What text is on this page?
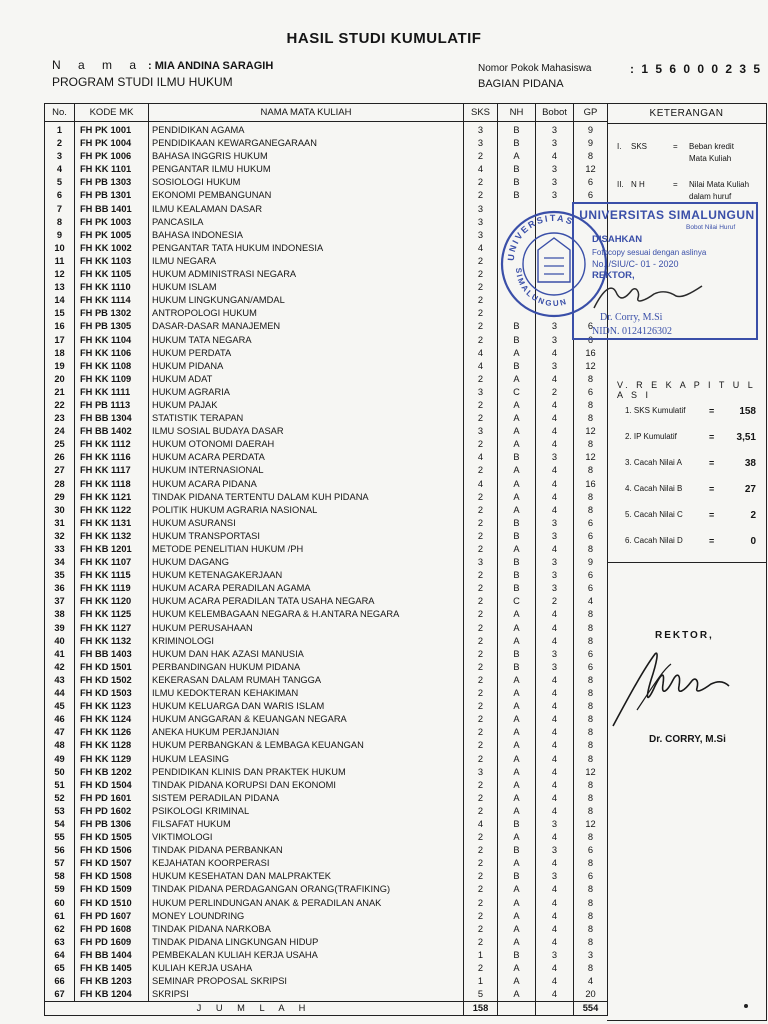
HASIL STUDI KUMULATIF
N a m a : MIA ANDINA SARAGIH
PROGRAM STUDI ILMU HUKUM
Nomor Pokok Mahasiswa	: 1 5 6 0 0 0 2 3 5
BAGIAN PIDANA
No.	KODE MK	NAMA MATA KULIAH	SKS	NH	Bobot	GP
1	FH PK 1001	PENDIDIKAN AGAMA	3	B	3	9
2	FH PK 1004	PENDIDIKAAN KEWARGANEGARAAN	3	B	3	9
3	FH PK 1006	BAHASA INGGRIS HUKUM	2	A	4	8
4	FH KK 1101	PENGANTAR ILMU HUKUM	4	B	3	12
5	FH PB 1303	SOSIOLOGI HUKUM	2	B	3	6
6	FH PB 1301	EKONOMI PEMBANGUNAN	2	B	3	6
7	FH BB 1401	ILMU KEALAMAN DASAR	3			
8	FH PK 1003	PANCASILA	3			
9	FH PK 1005	BAHASA INDONESIA	3			
10	FH KK 1002	PENGANTAR TATA HUKUM INDONESIA	4			
11	FH KK 1103	ILMU NEGARA	2			
12	FH KK 1105	HUKUM ADMINISTRASI NEGARA	2			
13	FH KK 1110	HUKUM ISLAM	2			
14	FH KK 1114	HUKUM LINGKUNGAN/AMDAL	2			
15	FH PB 1302	ANTROPOLOGI HUKUM	2			
16	FH PB 1305	DASAR-DASAR MANAJEMEN	2	B	3	6
17	FH KK 1104	HUKUM TATA NEGARA	2	B	3	6
18	FH KK 1106	HUKUM PERDATA	4	A	4	16
19	FH KK 1108	HUKUM PIDANA	4	B	3	12
20	FH KK 1109	HUKUM ADAT	2	A	4	8
21	FH KK 1111	HUKUM AGRARIA	3	C	2	6
22	FH PB 1113	HUKUM PAJAK	2	A	4	8
23	FH BB 1304	STATISTIK TERAPAN	2	A	4	8
24	FH BB 1402	ILMU SOSIAL BUDAYA DASAR	3	A	4	12
25	FH KK 1112	HUKUM OTONOMI DAERAH	2	A	4	8
26	FH KK 1116	HUKUM ACARA PERDATA	4	B	3	12
27	FH KK 1117	HUKUM INTERNASIONAL	2	A	4	8
28	FH KK 1118	HUKUM ACARA PIDANA	4	A	4	16
29	FH KK 1121	TINDAK PIDANA TERTENTU DALAM KUH PIDANA	2	A	4	8
30	FH KK 1122	POLITIK HUKUM AGRARIA NASIONAL	2	A	4	8
31	FH KK 1131	HUKUM ASURANSI	2	B	3	6
32	FH KK 1132	HUKUM TRANSPORTASI	2	B	3	6
33	FH KB 1201	METODE PENELITIAN HUKUM /PH	2	A	4	8
34	FH KK 1107	HUKUM DAGANG	3	B	3	9
35	FH KK 1115	HUKUM KETENAGAKERJAAN	2	B	3	6
36	FH KK 1119	HUKUM ACARA PERADILAN AGAMA	2	B	3	6
37	FH KK 1120	HUKUM ACARA PERADILAN TATA USAHA NEGARA	2	C	2	4
38	FH KK 1125	HUKUM KELEMBAGAAN NEGARA & H.ANTARA NEGARA	2	A	4	8
39	FH KK 1127	HUKUM PERUSAHAAN	2	A	4	8
40	FH KK 1132	KRIMINOLOGI	2	A	4	8
41	FH BB 1403	HUKUM DAN HAK AZASI MANUSIA	2	B	3	6
42	FH KD 1501	PERBANDINGAN HUKUM PIDANA	2	B	3	6
43	FH KD 1502	KEKERASAN DALAM RUMAH TANGGA	2	A	4	8
44	FH KD 1503	ILMU KEDOKTERAN KEHAKIMAN	2	A	4	8
45	FH KK 1123	HUKUM KELUARGA DAN WARIS ISLAM	2	A	4	8
46	FH KK 1124	HUKUM ANGGARAN & KEUANGAN NEGARA	2	A	4	8
47	FH KK 1126	ANEKA HUKUM PERJANJIAN	2	A	4	8
48	FH KK 1128	HUKUM PERBANGKAN & LEMBAGA KEUANGAN	2	A	4	8
49	FH KK 1129	HUKUM LEASING	2	A	4	8
50	FH KB 1202	PENDIDIKAN KLINIS DAN PRAKTEK HUKUM	3	A	4	12
51	FH KD 1504	TINDAK PIDANA KORUPSI DAN EKONOMI	2	A	4	8
52	FH PD 1601	SISTEM PERADILAN PIDANA	2	A	4	8
53	FH PD 1602	PSIKOLOGI KRIMINAL	2	A	4	8
54	FH PB 1306	FILSAFAT HUKUM	4	B	3	12
55	FH KD 1505	VIKTIMOLOGI	2	A	4	8
56	FH KD 1506	TINDAK PIDANA PERBANKAN	2	B	3	6
57	FH KD 1507	KEJAHATAN KOORPERASI	2	A	4	8
58	FH KD 1508	HUKUM KESEHATAN DAN MALPRAKTEK	2	B	3	6
59	FH KD 1509	TINDAK PIDANA PERDAGANGAN ORANG(TRAFIKING)	2	A	4	8
60	FH KD 1510	HUKUM PERLINDUNGAN ANAK & PERADILAN ANAK	2	A	4	8
61	FH PD 1607	MONEY LOUNDRING	2	A	4	8
62	FH PD 1608	TINDAK PIDANA NARKOBA	2	A	4	8
63	FH PD 1609	TINDAK PIDANA LINGKUNGAN HIDUP	2	A	4	8
64	FH BB 1404	PEMBEKALAN KULIAH KERJA USAHA	1	B	3	3
65	FH KB 1405	KULIAH KERJA USAHA	2	A	4	8
66	FH KB 1203	SEMINAR PROPOSAL SKRIPSI	1	A	4	4
67	FH KB 1204	SKRIPSI	5	A	4	20
J U M L A H			158			554
KETERANGAN
I. SKS	= Beban kredit
Mata Kuliah
II. N H	= Nilai Mata Kuliah
dalam huruf
V. R E K A P I T U L A S I
1. SKS Kumulatif	=	158
2. IP Kumulatif	= 3,51
3. Cacah Nilai A	=	38
4. Cacah Nilai B	=	27
5. Cacah Nilai C	=	2
6. Cacah Nilai D	=	0
REKTOR,
Dr. CORRY, M.Si
UNIVERSITAS
SIMALUNGUN
UNIVERSITAS SIMALUNGUN
Bobot Nilai Huruf
DISAHKAN
Fotocopy sesuai dengan aslinya
No. /SIU/C- 01 - 2020
REKTOR,
Dr. Corry, M.Si
NIDN. 0124126302
